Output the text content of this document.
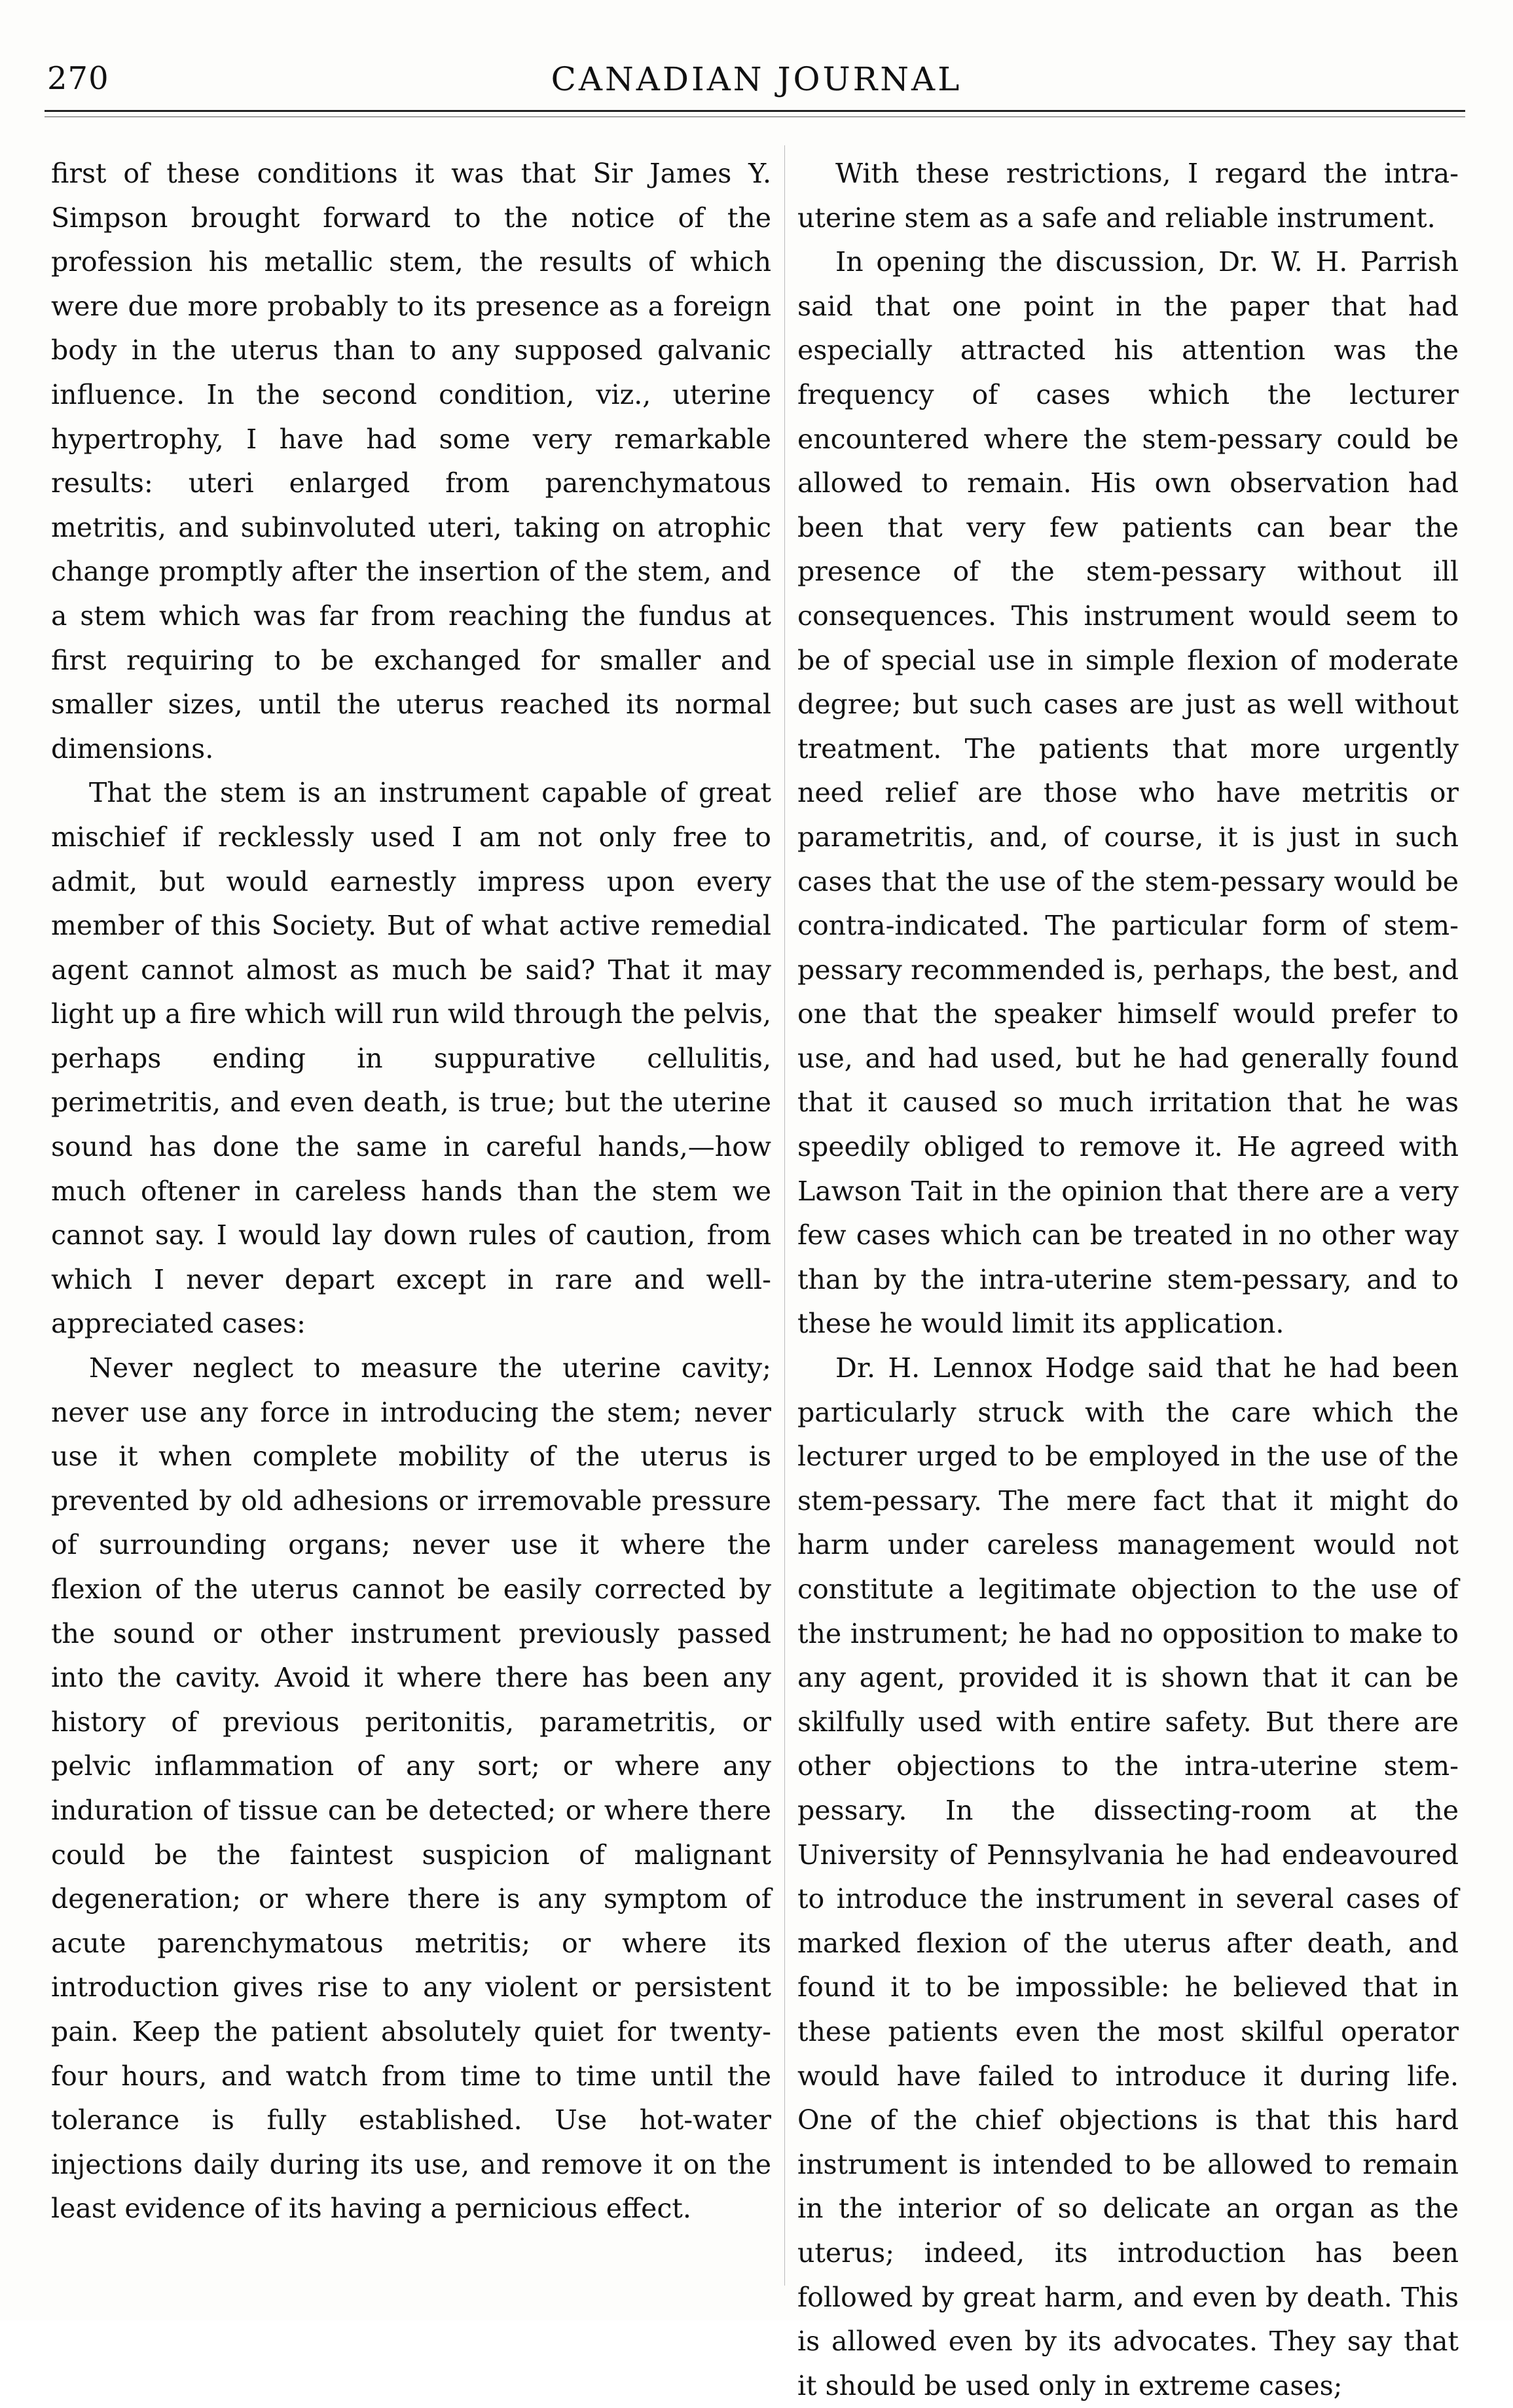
270	CANADIAN JOURNAL

first of these conditions it was that Sir James Y. Simpson brought forward to the notice of the profession his metallic stem, the results of which were due more probably to its presence as a foreign body in the uterus than to any supposed galvanic influence. In the second condition, viz., uterine hypertrophy, I have had some very remarkable results: uteri enlarged from parenchymatous metritis, and subinvoluted uteri, taking on atrophic change promptly after the insertion of the stem, and a stem which was far from reaching the fundus at first requiring to be exchanged for smaller and smaller sizes, until the uterus reached its normal dimensions.

That the stem is an instrument capable of great mischief if recklessly used I am not only free to admit, but would earnestly impress upon every member of this Society. But of what active remedial agent cannot almost as much be said? That it may light up a fire which will run wild through the pelvis, perhaps ending in suppurative cellulitis, perimetritis, and even death, is true; but the uterine sound has done the same in careful hands,—how much oftener in careless hands than the stem we cannot say. I would lay down rules of caution, from which I never depart except in rare and well-appreciated cases:

Never neglect to measure the uterine cavity; never use any force in introducing the stem; never use it when complete mobility of the uterus is prevented by old adhesions or irremovable pressure of surrounding organs; never use it where the flexion of the uterus cannot be easily corrected by the sound or other instrument previously passed into the cavity. Avoid it where there has been any history of previous peritonitis, parametritis, or pelvic inflammation of any sort; or where any induration of tissue can be detected; or where there could be the faintest suspicion of malignant degeneration; or where there is any symptom of acute parenchymatous metritis; or where its introduction gives rise to any violent or persistent pain. Keep the patient absolutely quiet for twenty-four hours, and watch from time to time until the tolerance is fully established. Use hot-water injections daily during its use, and remove it on the least evidence of its having a pernicious effect.

With these restrictions, I regard the intra-uterine stem as a safe and reliable instrument.

In opening the discussion, Dr. W. H. Parrish said that one point in the paper that had especially attracted his attention was the frequency of cases which the lecturer encountered where the stem-pessary could be allowed to remain. His own observation had been that very few patients can bear the presence of the stem-pessary without ill consequences. This instrument would seem to be of special use in simple flexion of moderate degree; but such cases are just as well without treatment. The patients that more urgently need relief are those who have metritis or parametritis, and, of course, it is just in such cases that the use of the stem-pessary would be contra-indicated. The particular form of stem-pessary recommended is, perhaps, the best, and one that the speaker himself would prefer to use, and had used, but he had generally found that it caused so much irritation that he was speedily obliged to remove it. He agreed with Lawson Tait in the opinion that there are a very few cases which can be treated in no other way than by the intra-uterine stem-pessary, and to these he would limit its application.

Dr. H. Lennox Hodge said that he had been particularly struck with the care which the lecturer urged to be employed in the use of the stem-pessary. The mere fact that it might do harm under careless management would not constitute a legitimate objection to the use of the instrument; he had no opposition to make to any agent, provided it is shown that it can be skilfully used with entire safety. But there are other objections to the intra-uterine stem-pessary. In the dissecting-room at the University of Pennsylvania he had endeavoured to introduce the instrument in several cases of marked flexion of the uterus after death, and found it to be impossible: he believed that in these patients even the most skilful operator would have failed to introduce it during life. One of the chief objections is that this hard instrument is intended to be allowed to remain in the interior of so delicate an organ as the uterus; indeed, its introduction has been followed by great harm, and even by death. This is allowed even by its advocates. They say that it should be used only in extreme cases;
